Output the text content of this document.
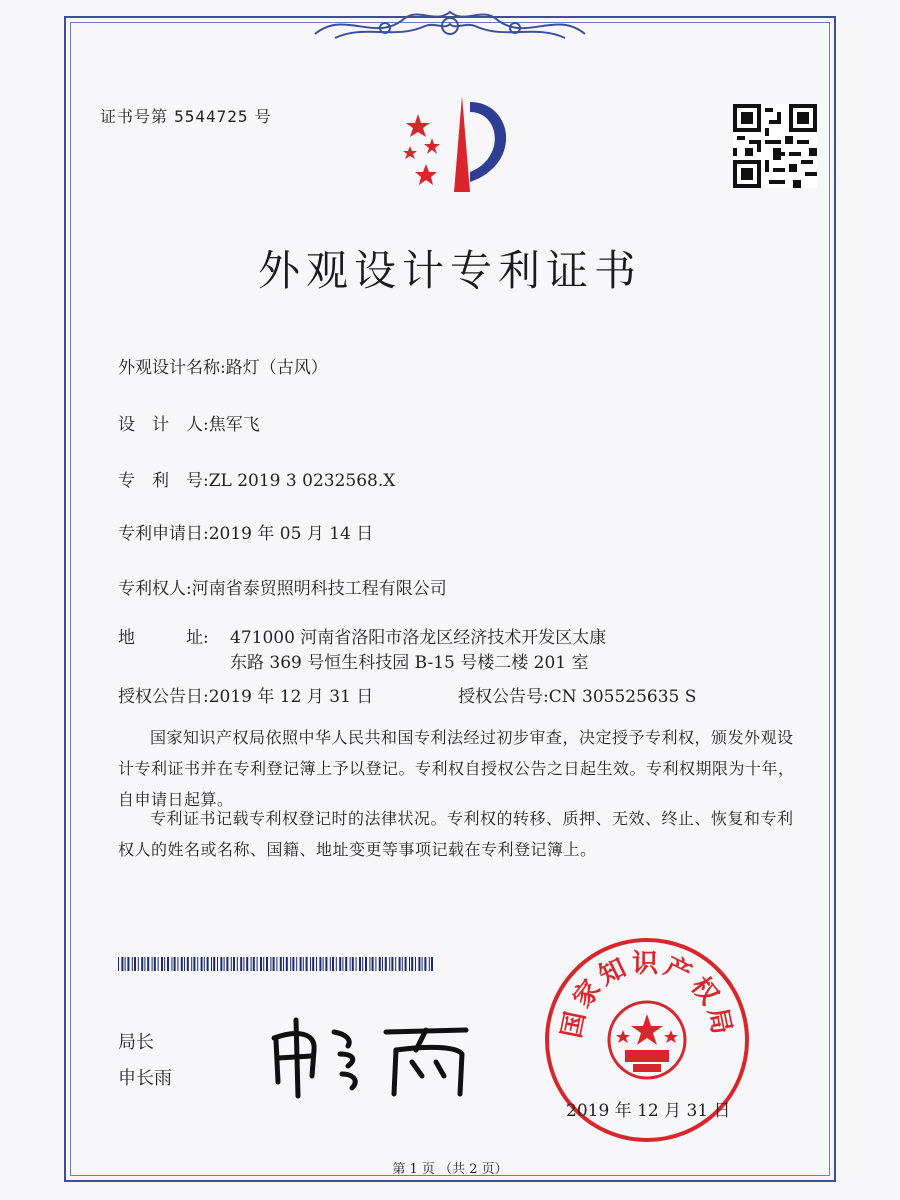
证书号第 5544725 号
外观设计专利证书
外观设计名称:路灯（古风）
设　计　人:焦军飞
专　利　号:ZL 2019 3 0232568.X
专利申请日:2019 年 05 月 14 日
专利权人:河南省泰贸照明科技工程有限公司
地　　　址: 471000 河南省洛阳市洛龙区经济技术开发区太康东路 369 号恒生科技园 B-15 号楼二楼 201 室
授权公告日:2019 年 12 月 31 日	授权公告号:CN 305525635 S
国家知识产权局依照中华人民共和国专利法经过初步审查，决定授予专利权，颁发外观设计专利证书并在专利登记簿上予以登记。专利权自授权公告之日起生效。专利权期限为十年，自申请日起算。
专利证书记载专利权登记时的法律状况。专利权的转移、质押、无效、终止、恢复和专利权人的姓名或名称、国籍、地址变更等事项记载在专利登记簿上。
局长
申长雨
国家知识产权局
2019 年 12 月 31 日
第 1 页 （共 2 页）
